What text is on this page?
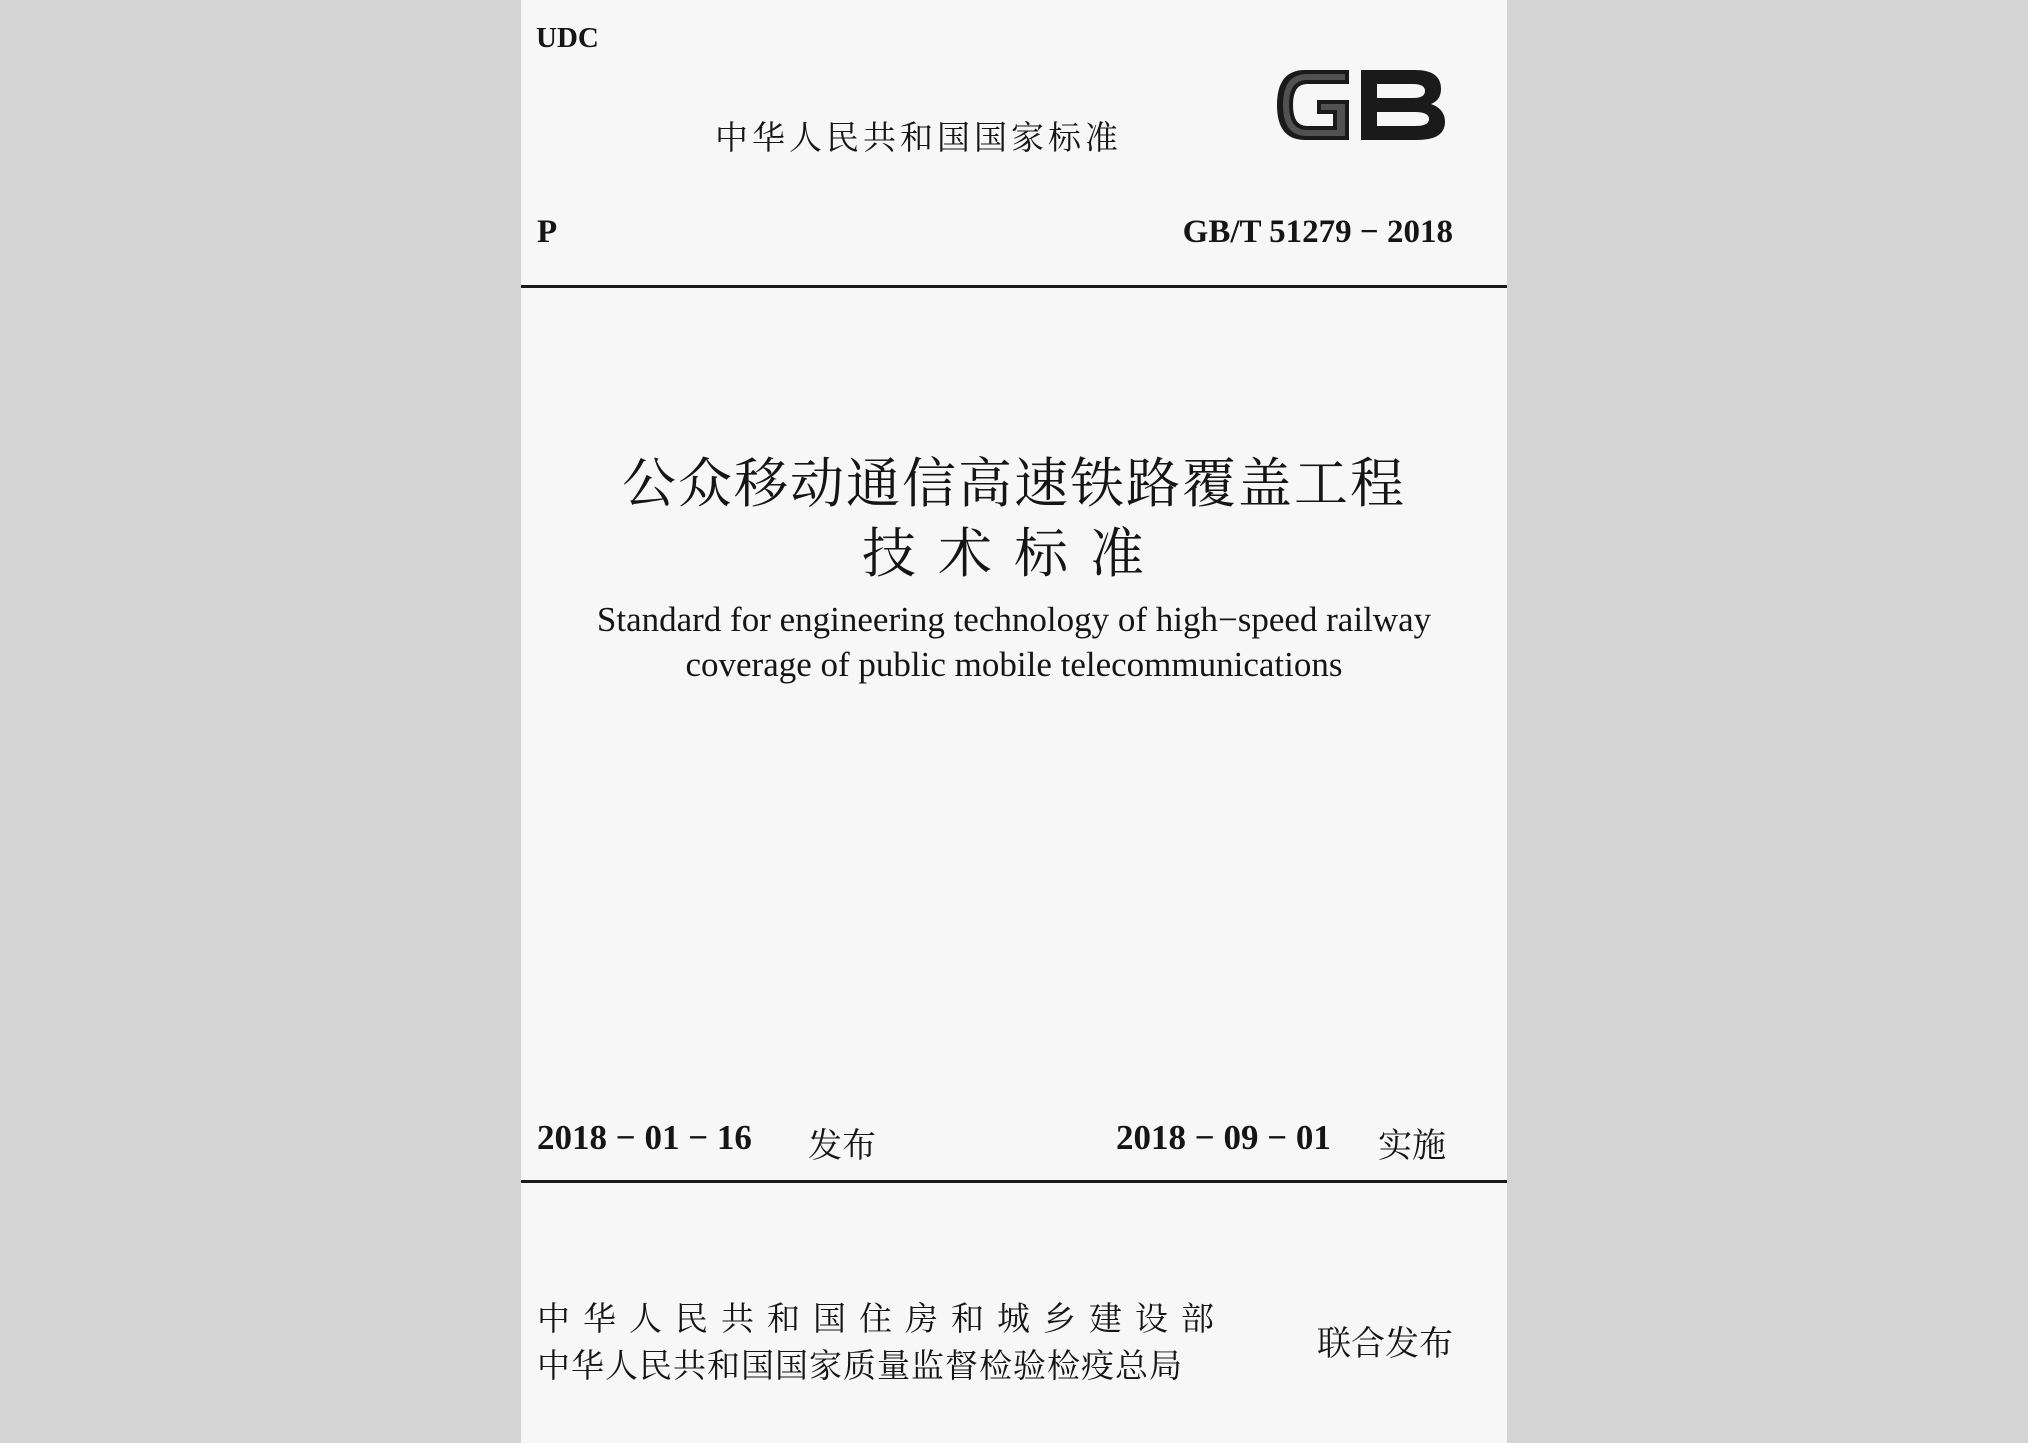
UDC
中华人民共和国国家标准
P	GB/T 51279 − 2018
公众移动通信高速铁路覆盖工程
技术标准
Standard for engineering technology of high−speed railway
coverage of public mobile telecommunications
2018 − 01 − 16 发布	2018 − 09 − 01 实施
中华人民共和国住房和城乡建设部
中华人民共和国国家质量监督检验检疫总局
联合发布
